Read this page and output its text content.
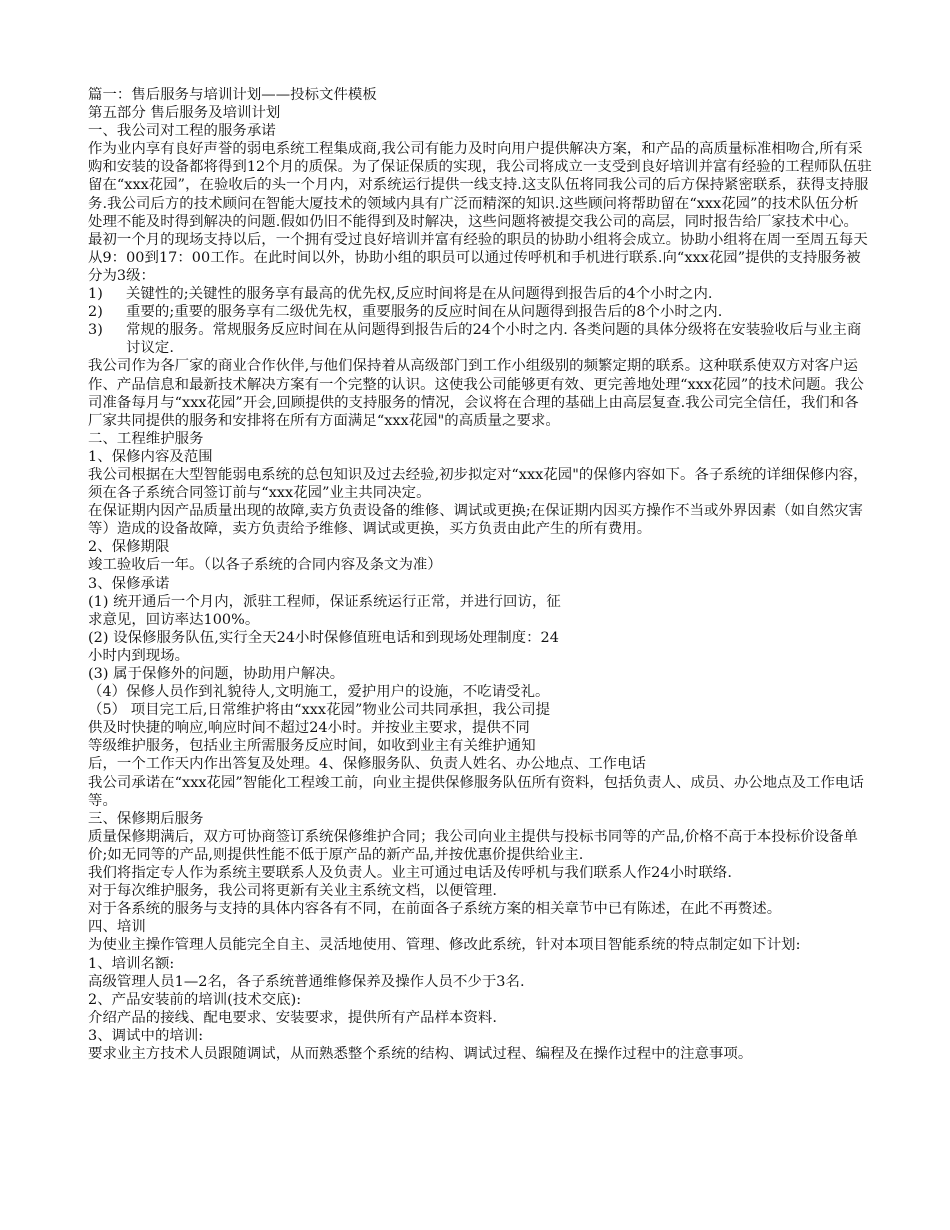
篇一：售后服务与培训计划——投标文件模板

第五部分 售后服务及培训计划

一、我公司对工程的服务承诺

作为业内享有良好声誉的弱电系统工程集成商,我公司有能力及时向用户提供解决方案，和产品的高质量标准相吻合,所有采购和安装的设备都将得到12个月的质保。为了保证保质的实现，我公司将成立一支受到良好培训并富有经验的工程师队伍驻留在“xxx花园”，在验收后的头一个月内，对系统运行提供一线支持.这支队伍将同我公司的后方保持紧密联系，获得支持服务.我公司后方的技术顾问在智能大厦技术的领域内具有广泛而精深的知识.这些顾问将帮助留在“xxx花园”的技术队伍分析处理不能及时得到解决的问题.假如仍旧不能得到及时解决，这些问题将被提交我公司的高层，同时报告给厂家技术中心。

最初一个月的现场支持以后，一个拥有受过良好培训并富有经验的职员的协助小组将会成立。协助小组将在周一至周五每天从9：00到17：00工作。在此时间以外，协助小组的职员可以通过传呼机和手机进行联系.向“xxx花园”提供的支持服务被分为3级：

1)	关键性的;关键性的服务享有最高的优先权,反应时间将是在从问题得到报告后的4个小时之内.
2)	重要的;重要的服务享有二级优先权，重要服务的反应时间在从问题得到报告后的8个小时之内.
3)	常规的服务。常规服务反应时间在从问题得到报告后的24个小时之内. 各类问题的具体分级将在安装验收后与业主商讨议定.

我公司作为各厂家的商业合作伙伴,与他们保持着从高级部门到工作小组级别的频繁定期的联系。这种联系使双方对客户运作、产品信息和最新技术解决方案有一个完整的认识。这使我公司能够更有效、更完善地处理“xxx花园”的技术问题。我公司准备每月与“xxx花园”开会,回顾提供的支持服务的情况，会议将在合理的基础上由高层复查.我公司完全信任，我们和各厂家共同提供的服务和安排将在所有方面满足“xxx花园"的高质量之要求。

二、工程维护服务

1、保修内容及范围

我公司根据在大型智能弱电系统的总包知识及过去经验,初步拟定对“xxx花园"的保修内容如下。各子系统的详细保修内容，须在各子系统合同签订前与“xxx花园”业主共同决定。

在保证期内因产品质量出现的故障,卖方负责设备的维修、调试或更换;在保证期内因买方操作不当或外界因素（如自然灾害等）造成的设备故障，卖方负责给予维修、调试或更换，买方负责由此产生的所有费用。

2、保修期限

竣工验收后一年。（以各子系统的合同内容及条文为准）

3、保修承诺

(1) 统开通后一个月内，派驻工程师，保证系统运行正常，并进行回访，征

求意见，回访率达100%。

(2) 设保修服务队伍,实行全天24小时保修值班电话和到现场处理制度：24

小时内到现场。

(3) 属于保修外的问题，协助用户解决。

（4）保修人员作到礼貌待人,文明施工，爱护用户的设施，不吃请受礼。

（5） 项目完工后,日常维护将由“xxx花园”物业公司共同承担，我公司提

供及时快捷的响应,响应时间不超过24小时。并按业主要求，提供不同

等级维护服务，包括业主所需服务反应时间，如收到业主有关维护通知

后，一个工作天内作出答复及处理。4、保修服务队、负责人姓名、办公地点、工作电话

我公司承诺在“xxx花园”智能化工程竣工前，向业主提供保修服务队伍所有资料，包括负责人、成员、办公地点及工作电话等。

三、保修期后服务

质量保修期满后，双方可协商签订系统保修维护合同；我公司向业主提供与投标书同等的产品,价格不高于本投标价设备单价;如无同等的产品,则提供性能不低于原产品的新产品,并按优惠价提供给业主.

我们将指定专人作为系统主要联系人及负责人。业主可通过电话及传呼机与我们联系人作24小时联络.

对于每次维护服务，我公司将更新有关业主系统文档，以便管理.

对于各系统的服务与支持的具体内容各有不同，在前面各子系统方案的相关章节中已有陈述，在此不再赘述。

四、培训

为使业主操作管理人员能完全自主、灵活地使用、管理、修改此系统，针对本项目智能系统的特点制定如下计划:

1、培训名额:

高级管理人员1—2名，各子系统普通维修保养及操作人员不少于3名.

2、产品安装前的培训(技术交底):

介绍产品的接线、配电要求、安装要求，提供所有产品样本资料.

3、调试中的培训:

要求业主方技术人员跟随调试，从而熟悉整个系统的结构、调试过程、编程及在操作过程中的注意事项。
